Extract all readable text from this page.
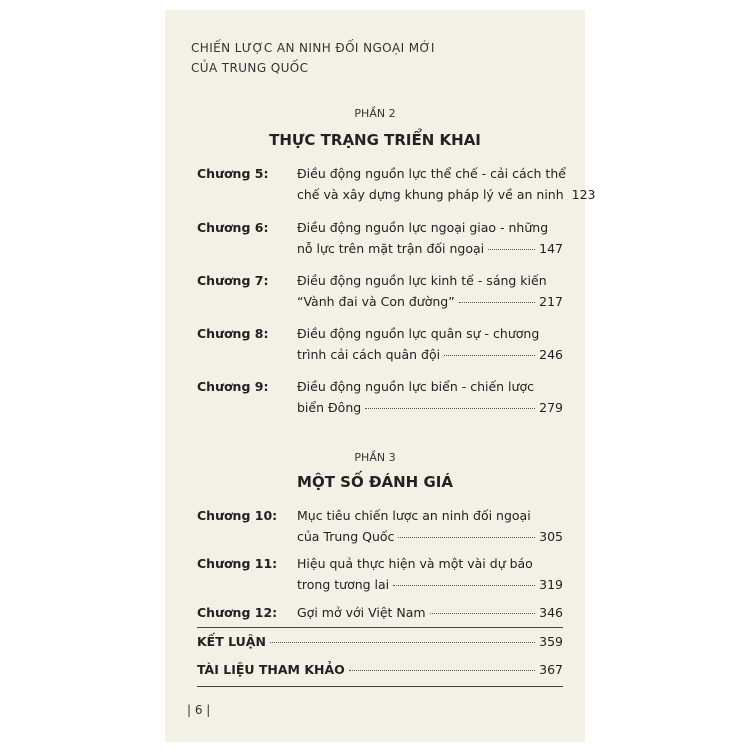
CHIẾN LƯỢC AN NINH ĐỐI NGOẠI MỚI
CỦA TRUNG QUỐC
PHẦN 2
THỰC TRẠNG TRIỂN KHAI
Chương 5: Điều động nguồn lực thể chế - cải cách thể
chế và xây dựng khung pháp lý về an ninh 123
Chương 6: Điều động nguồn lực ngoại giao - những
nỗ lực trên mặt trận đối ngoại	147
Chương 7: Điều động nguồn lực kinh tế - sáng kiến
“Vành đai và Con đường”	217
Chương 8: Điều động nguồn lực quân sự - chương
trình cải cách quân đội	246
Chương 9: Điều động nguồn lực biển - chiến lược
biển Đông	279
PHẦN 3
MỘT SỐ ĐÁNH GIÁ
Chương 10: Mục tiêu chiến lược an ninh đối ngoại
của Trung Quốc	305
Chương 11: Hiệu quả thực hiện và một vài dự báo
trong tương lai	319
Chương 12: Gợi mở với Việt Nam	346
KẾT LUẬN	359
TÀI LIỆU THAM KHẢO	367
| 6 |
